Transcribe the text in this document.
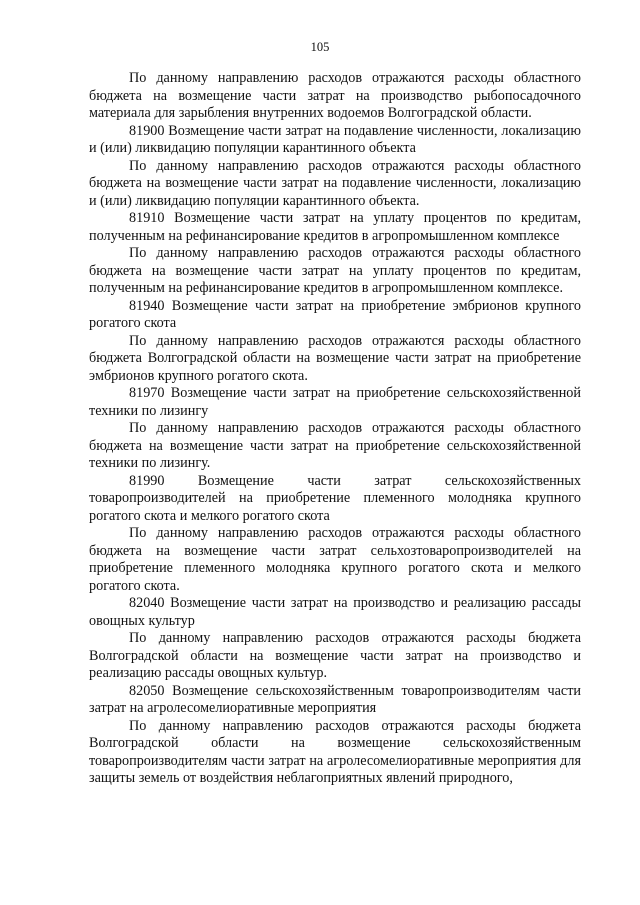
105

По данному направлению расходов отражаются расходы областного бюджета на возмещение части затрат на производство рыбопосадочного материала для зарыбления внутренних водоемов Волгоградской области.

81900 Возмещение части затрат на подавление численности, локализацию и (или) ликвидацию популяции карантинного объекта

По данному направлению расходов отражаются расходы областного бюджета на возмещение части затрат на подавление численности, локализацию и (или) ликвидацию популяции карантинного объекта.

81910 Возмещение части затрат на уплату процентов по кредитам, полученным на рефинансирование кредитов в агропромышленном комплексе

По данному направлению расходов отражаются расходы областного бюджета на возмещение части затрат на уплату процентов по кредитам, полученным на рефинансирование кредитов в агропромышленном комплексе.

81940 Возмещение части затрат на приобретение эмбрионов крупного рогатого скота

По данному направлению расходов отражаются расходы областного бюджета Волгоградской области на возмещение части затрат на приобретение эмбрионов крупного рогатого скота.

81970 Возмещение части затрат на приобретение сельскохозяйственной техники по лизингу

По данному направлению расходов отражаются расходы областного бюджета на возмещение части затрат на приобретение сельскохозяйственной техники по лизингу.

81990 Возмещение части затрат сельскохозяйственных товаропроизводителей на приобретение племенного молодняка крупного рогатого скота и мелкого рогатого скота

По данному направлению расходов отражаются расходы областного бюджета на возмещение части затрат сельхозтоваропроизводителей на приобретение племенного молодняка крупного рогатого скота и мелкого рогатого скота.

82040 Возмещение части затрат на производство и реализацию рассады овощных культур

По данному направлению расходов отражаются расходы бюджета Волгоградской области на возмещение части затрат на производство и реализацию рассады овощных культур.

82050 Возмещение сельскохозяйственным товаропроизводителям части затрат на агролесомелиоративные мероприятия

По данному направлению расходов отражаются расходы бюджета Волгоградской области на возмещение сельскохозяйственным товаропроизводителям части затрат на агролесомелиоративные мероприятия для защиты земель от воздействия неблагоприятных явлений природного,
